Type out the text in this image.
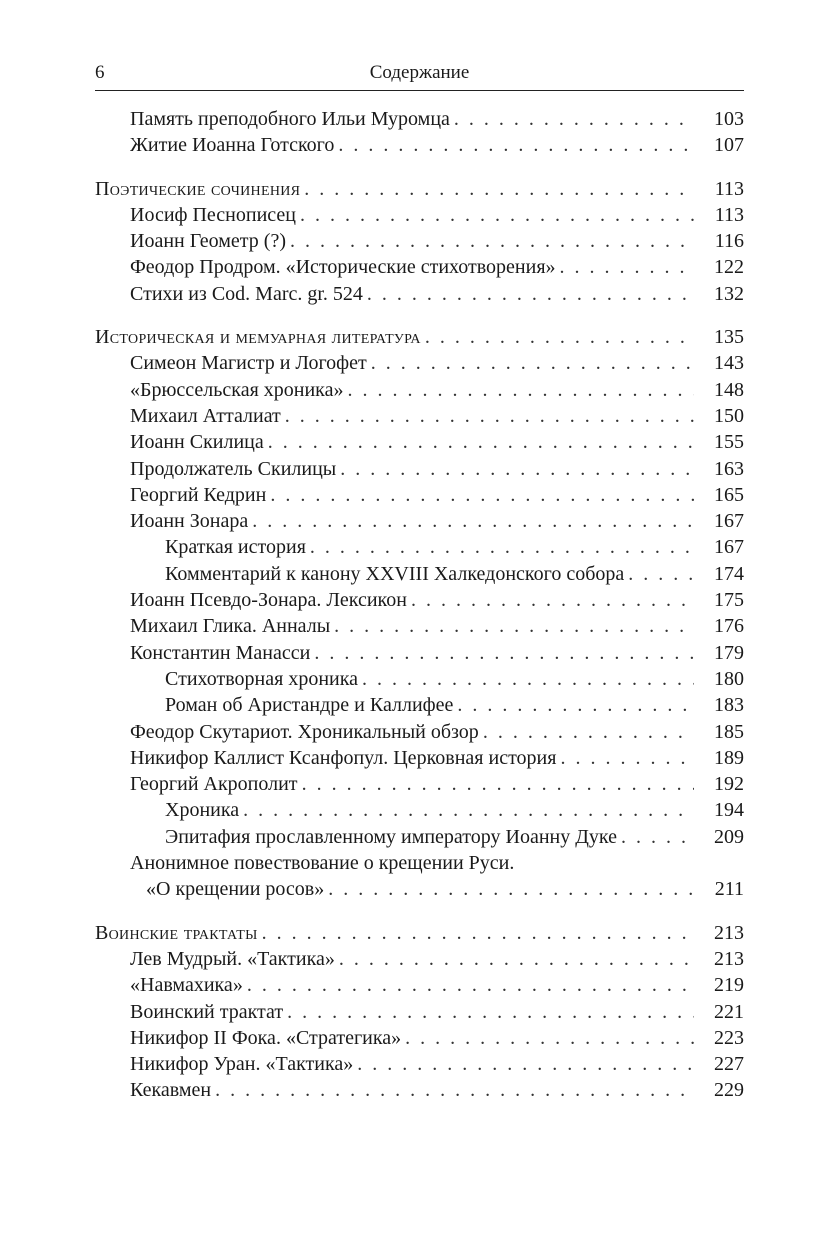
6	Содержание
Память преподобного Ильи Муромца . . .	103
Житие Иоанна Готского . . .	107
Поэтические сочинения . . .	113
Иосиф Песнописец . . .	113
Иоанн Геометр (?) . . .	116
Феодор Продром. «Исторические стихотворения» . . .	122
Стихи из Cod. Marc. gr. 524 . . .	132
Историческая и мемуарная литература . . .	135
Симеон Магистр и Логофет . . .	143
«Брюссельская хроника» . . .	148
Михаил Атталиат . . .	150
Иоанн Скилица . . .	155
Продолжатель Скилицы . . .	163
Георгий Кедрин . . .	165
Иоанн Зонара . . .	167
Краткая история . . .	167
Комментарий к канону XXVIII Халкедонского собора . . .	174
Иоанн Псевдо-Зонара. Лексикон . . .	175
Михаил Глика. Анналы . . .	176
Константин Манасси . . .	179
Стихотворная хроника . . .	180
Роман об Аристандре и Каллифее . . .	183
Феодор Скутариот. Хроникальный обзор . . .	185
Никифор Каллист Ксанфопул. Церковная история . . .	189
Георгий Акрополит . . .	192
Хроника . . .	194
Эпитафия прославленному императору Иоанну Дуке . . .	209
Анонимное повествование о крещении Руси.
«О крещении росов» . . .	211
Воинские трактаты . . .	213
Лев Мудрый. «Тактика» . . .	213
«Навмахика» . . .	219
Воинский трактат . . .	221
Никифор II Фока. «Стратегика» . . .	223
Никифор Уран. «Тактика» . . .	227
Кекавмен . . .	229
